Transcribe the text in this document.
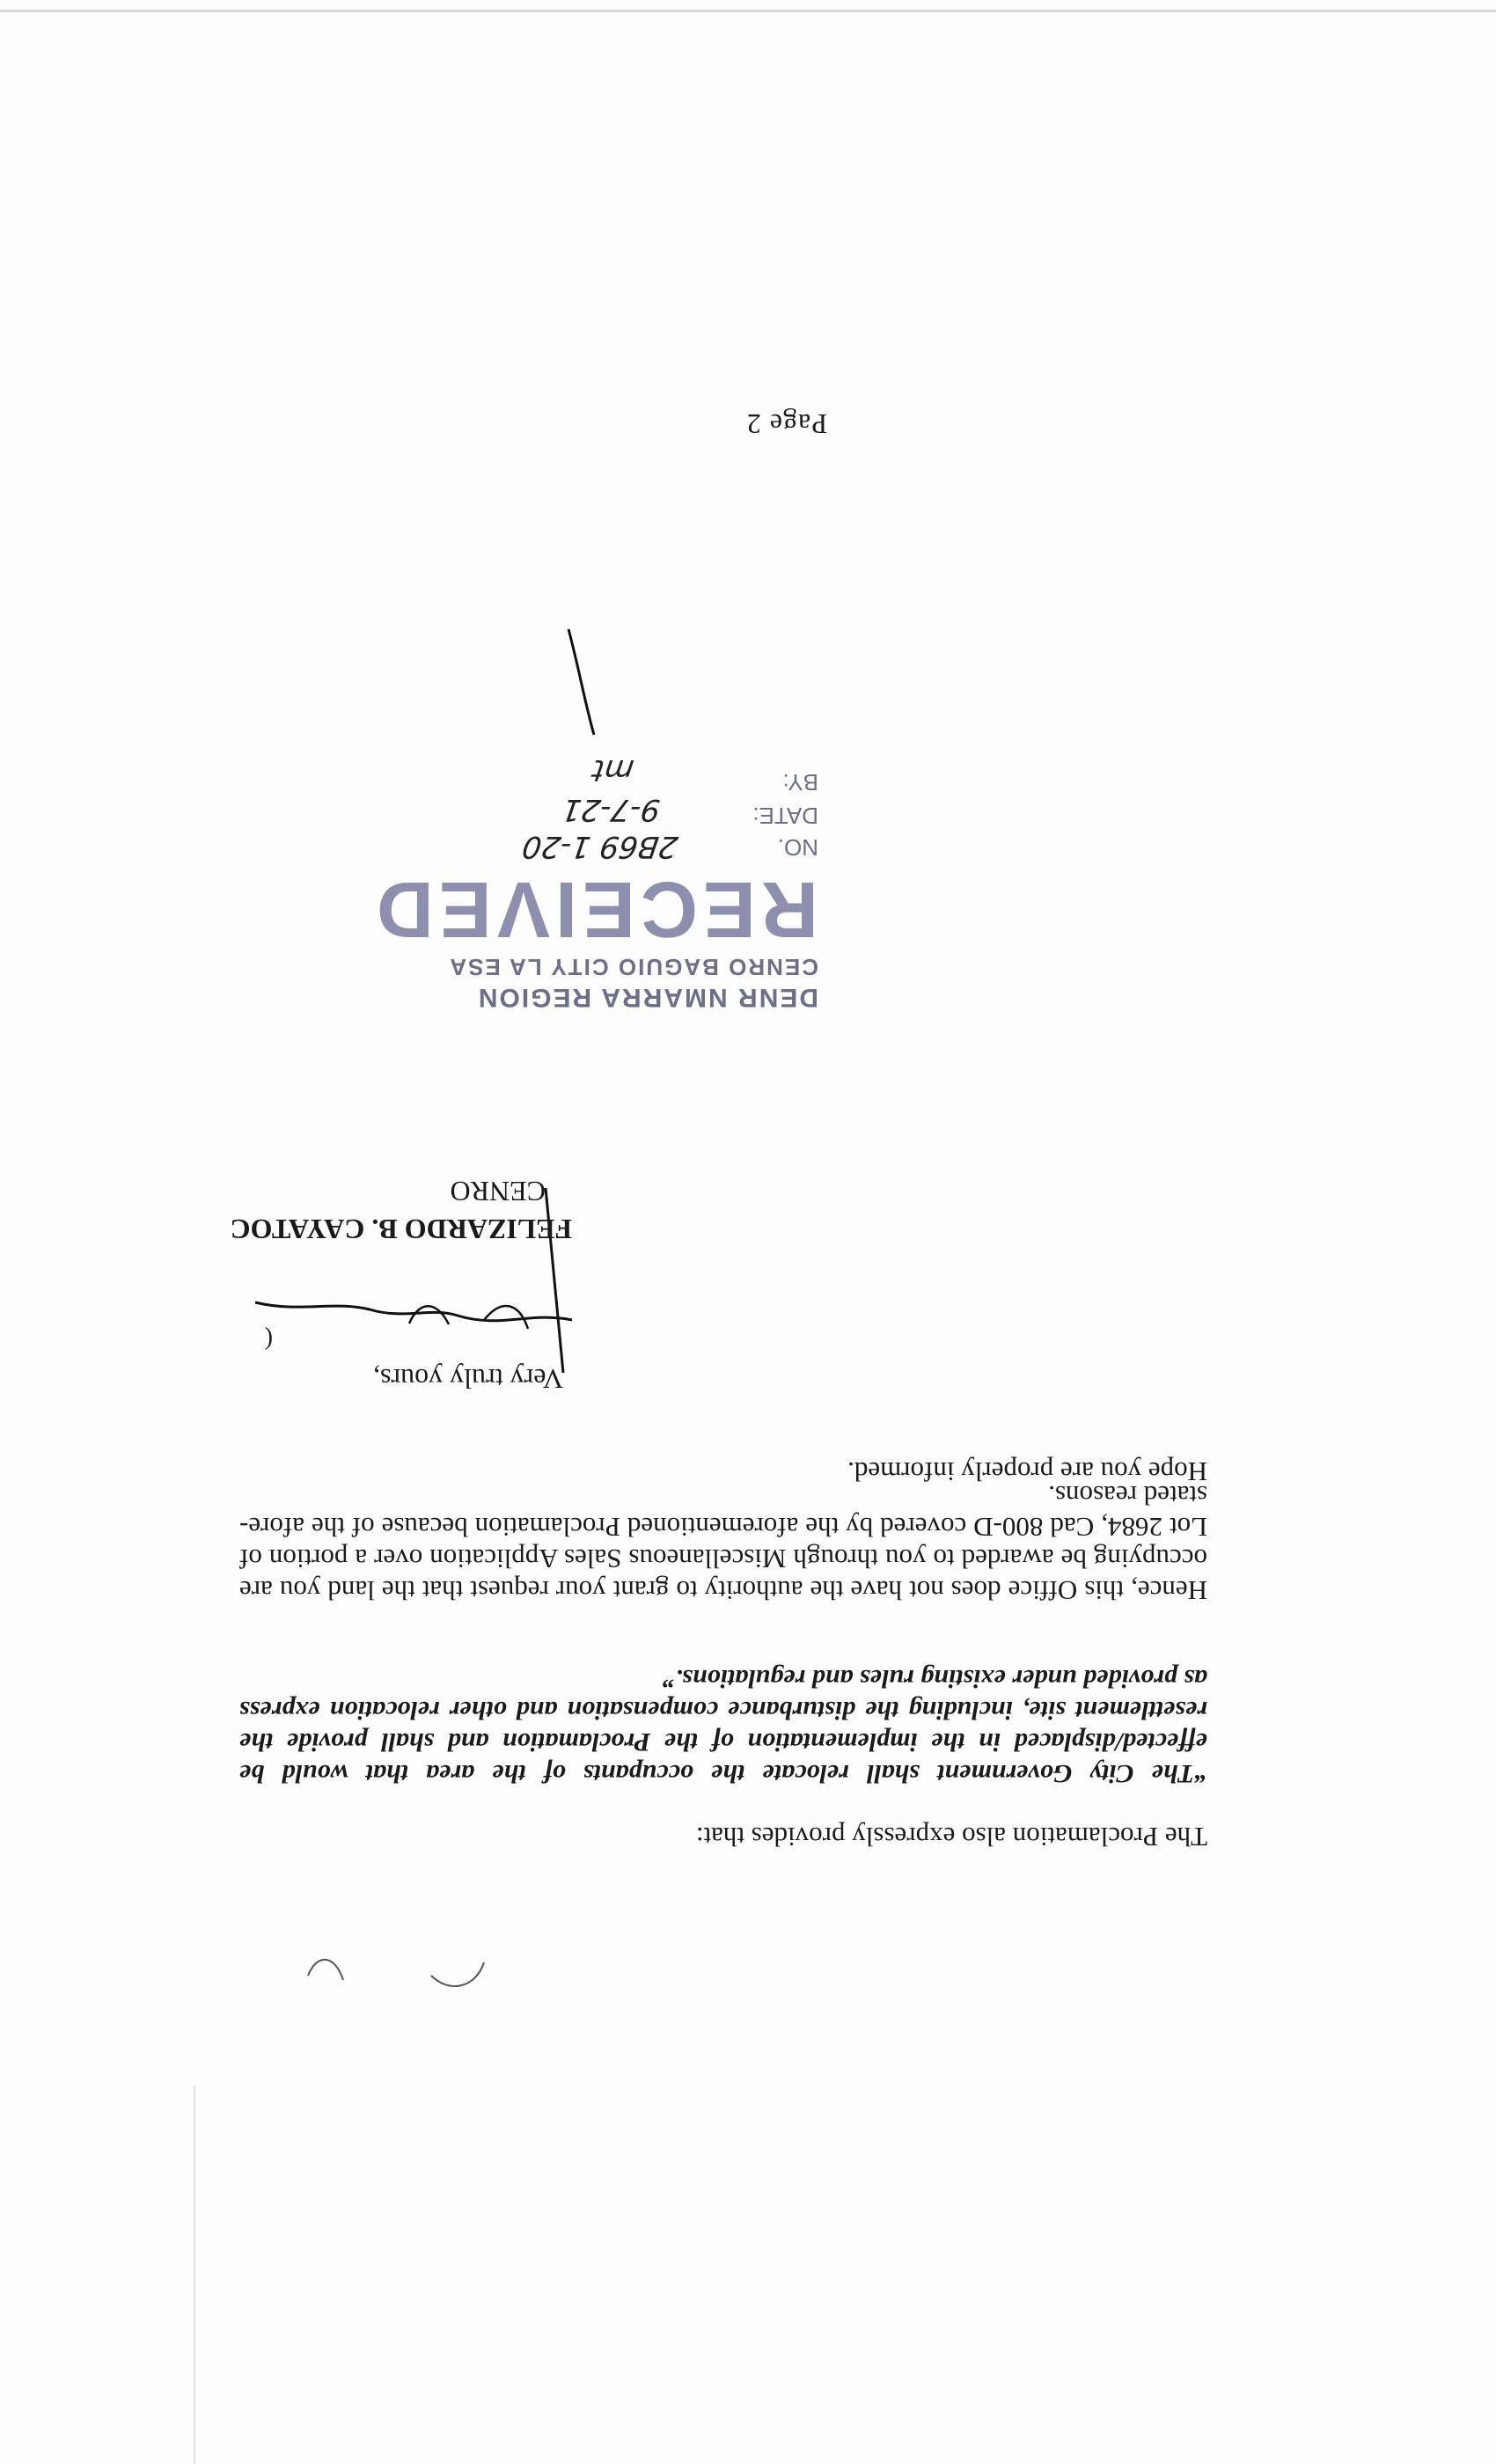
Page 2
The Proclamation also expressly provides that:
“The City Government shall relocate the occupants of the area that would be effected/displaced in the implementation of the Proclamation and shall provide the resettlement site, including the disturbance compensation and other relocation express as provided under existing rules and regulations.”
Hence, this Office does not have the authority to grant your request that the land you are occupying be awarded to you through Miscellaneous Sales Application over a portion of Lot 2684, Cad 800-D covered by the aforementioned Proclamation because of the afore-stated reasons.
Hope you are properly informed.
Very truly yours,
(
FELIZARDO B. CAYATOC
CENRO
DENR NMARRA REGION
CENRO BAGUIO CITY LA ESA
RECEIVED
NO.
DATE:
BY:
2B69 1-20
9-7-21
mt
